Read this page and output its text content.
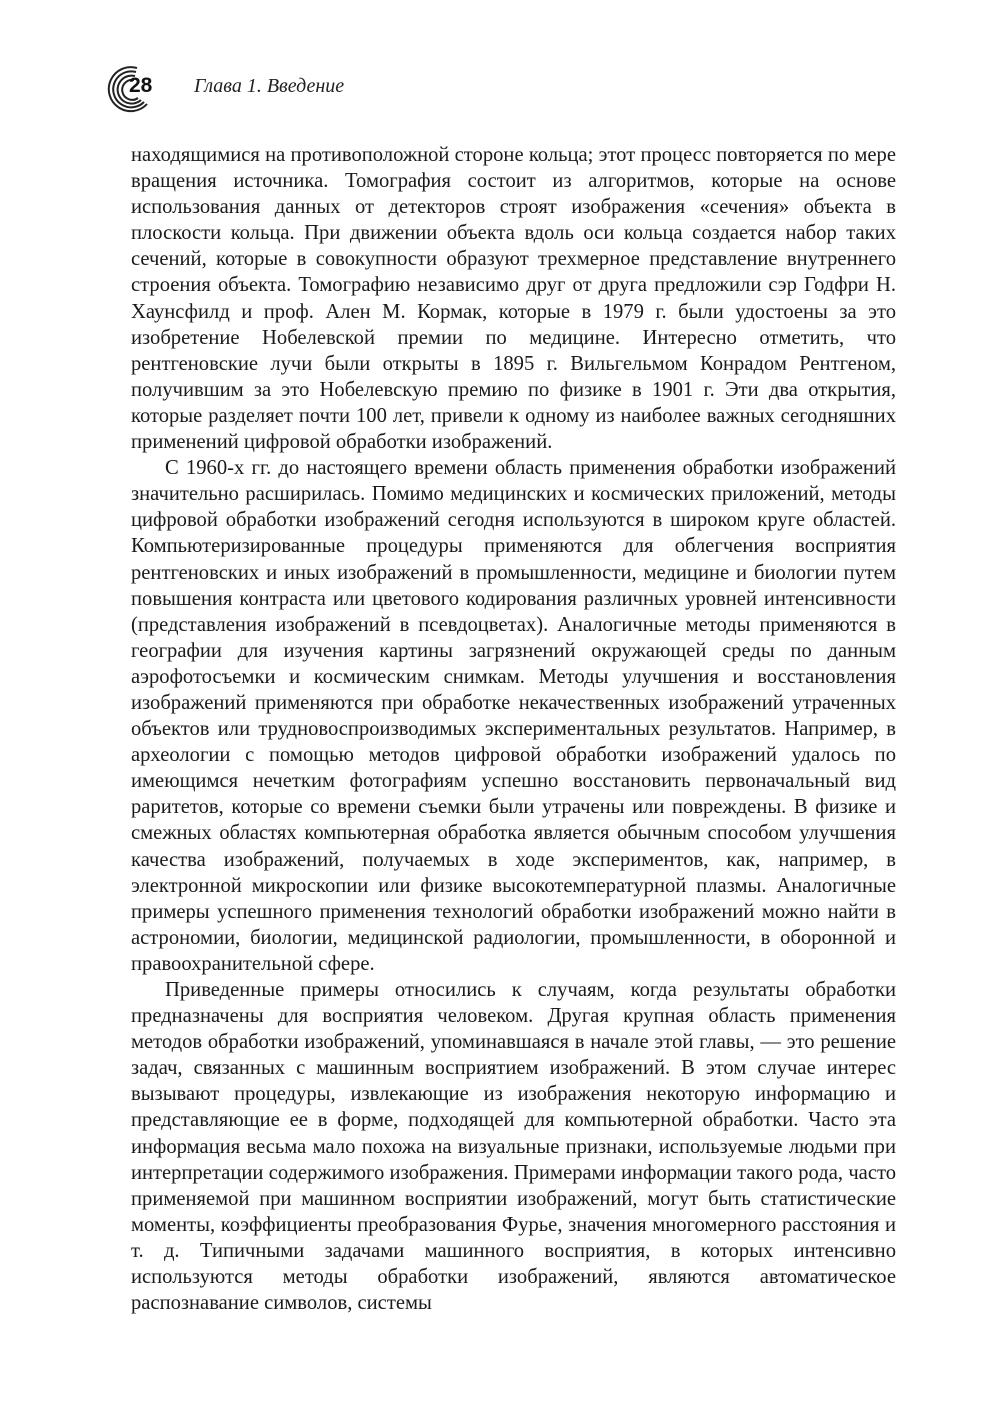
28 Глава 1. Введение

находящимися на противоположной стороне кольца; этот процесс повторяется по мере вращения источника. Томография состоит из алгоритмов, которые на основе использования данных от детекторов строят изображения «сечения» объекта в плоскости кольца. При движении объекта вдоль оси кольца создается набор таких сечений, которые в совокупности образуют трехмерное представление внутреннего строения объекта. Томографию независимо друг от друга предложили сэр Годфри Н. Хаунсфилд и проф. Ален М. Кормак, которые в 1979 г. были удостоены за это изобретение Нобелевской премии по медицине. Интересно отметить, что рентгеновские лучи были открыты в 1895 г. Вильгельмом Конрадом Рентгеном, получившим за это Нобелевскую премию по физике в 1901 г. Эти два открытия, которые разделяет почти 100 лет, привели к одному из наиболее важных сегодняшних применений цифровой обработки изображений.

С 1960-х гг. до настоящего времени область применения обработки изображений значительно расширилась. Помимо медицинских и космических приложений, методы цифровой обработки изображений сегодня используются в широком круге областей. Компьютеризированные процедуры применяются для облегчения восприятия рентгеновских и иных изображений в промышленности, медицине и биологии путем повышения контраста или цветового кодирования различных уровней интенсивности (представления изображений в псевдоцветах). Аналогичные методы применяются в географии для изучения картины загрязнений окружающей среды по данным аэрофотосъемки и космическим снимкам. Методы улучшения и восстановления изображений применяются при обработке некачественных изображений утраченных объектов или трудновоспроизводимых экспериментальных результатов. Например, в археологии с помощью методов цифровой обработки изображений удалось по имеющимся нечетким фотографиям успешно восстановить первоначальный вид раритетов, которые со времени съемки были утрачены или повреждены. В физике и смежных областях компьютерная обработка является обычным способом улучшения качества изображений, получаемых в ходе экспериментов, как, например, в электронной микроскопии или физике высокотемпературной плазмы. Аналогичные примеры успешного применения технологий обработки изображений можно найти в астрономии, биологии, медицинской радиологии, промышленности, в оборонной и правоохранительной сфере.

Приведенные примеры относились к случаям, когда результаты обработки предназначены для восприятия человеком. Другая крупная область применения методов обработки изображений, упоминавшаяся в начале этой главы, — это решение задач, связанных с машинным восприятием изображений. В этом случае интерес вызывают процедуры, извлекающие из изображения некоторую информацию и представляющие ее в форме, подходящей для компьютерной обработки. Часто эта информация весьма мало похожа на визуальные признаки, используемые людьми при интерпретации содержимого изображения. Примерами информации такого рода, часто применяемой при машинном восприятии изображений, могут быть статистические моменты, коэффициенты преобразования Фурье, значения многомерного расстояния и т. д. Типичными задачами машинного восприятия, в которых интенсивно используются методы обработки изображений, являются автоматическое распознавание символов, системы
